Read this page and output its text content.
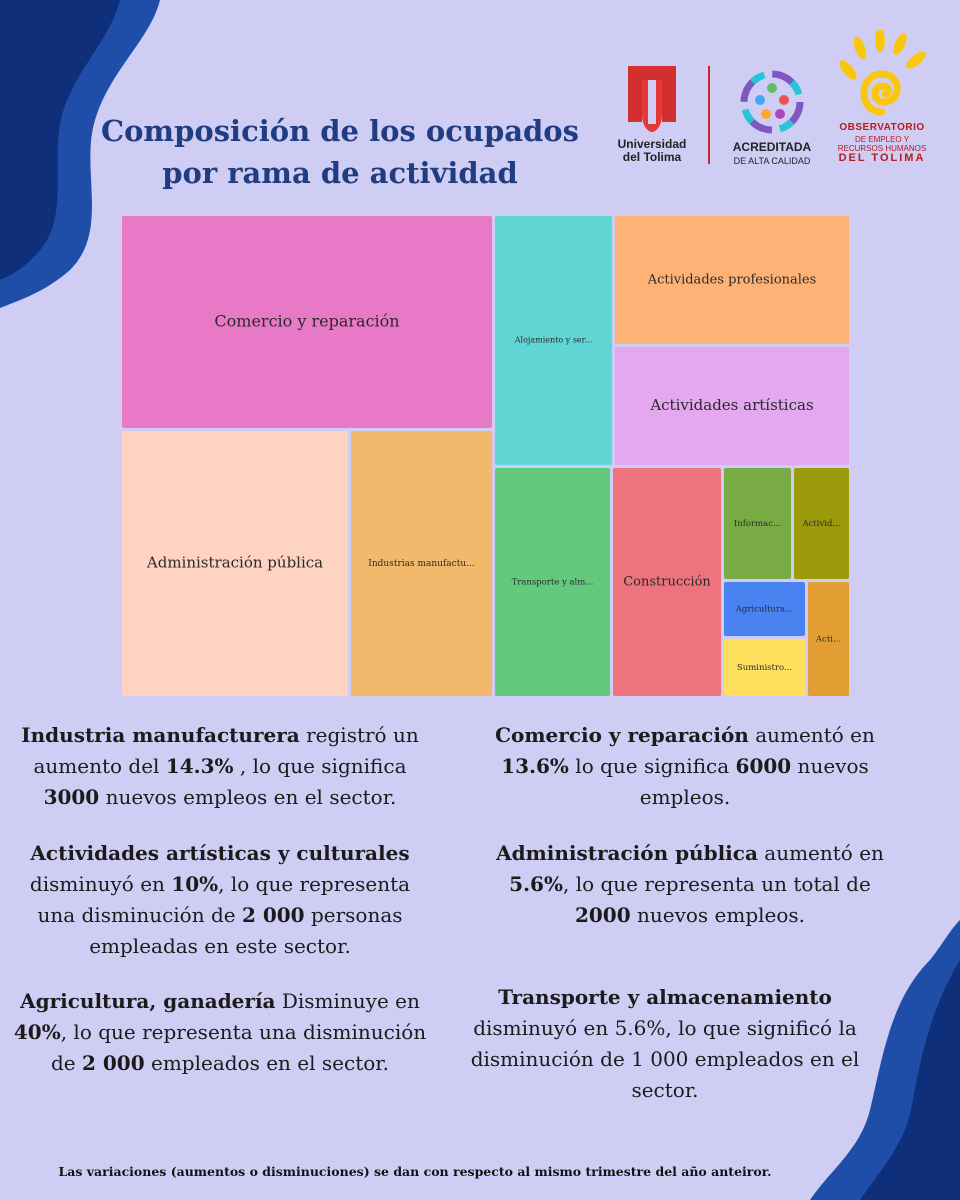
Composición de los ocupados
por rama de actividad
Universidad
del Tolima
ACREDITADA
DE ALTA CALIDAD
OBSERVATORIO
DE EMPLEO Y
RECURSOS HUMANOS
DEL TOLIMA
Comercio y reparación
Administración pública	Industrias manufactu...
Alojamiento y ser...
Actividades profesionales
Actividades artísticas
Transporte y alm... Construcción
Informac...	Activid...
Agricultura...
Suministro...
Acti...
Industria manufacturera registró un aumento del 14.3% , lo que significa 3000 nuevos empleos en el sector.
Comercio y reparación aumentó en 13.6% lo que significa 6000 nuevos empleos.
Actividades artísticas y culturales disminuyó en 10%, lo que representa una disminución de 2 000 personas empleadas en este sector.
Administración pública aumentó en 5.6%, lo que representa un total de 2000 nuevos empleos.
Agricultura, ganadería Disminuye en 40%, lo que representa una disminución de 2 000 empleados en el sector.
Transporte y almacenamiento disminuyó en 5.6%, lo que significó la disminución de 1 000 empleados en el sector.
Las variaciones (aumentos o disminuciones) se dan con respecto al mismo trimestre del año anteiror.
